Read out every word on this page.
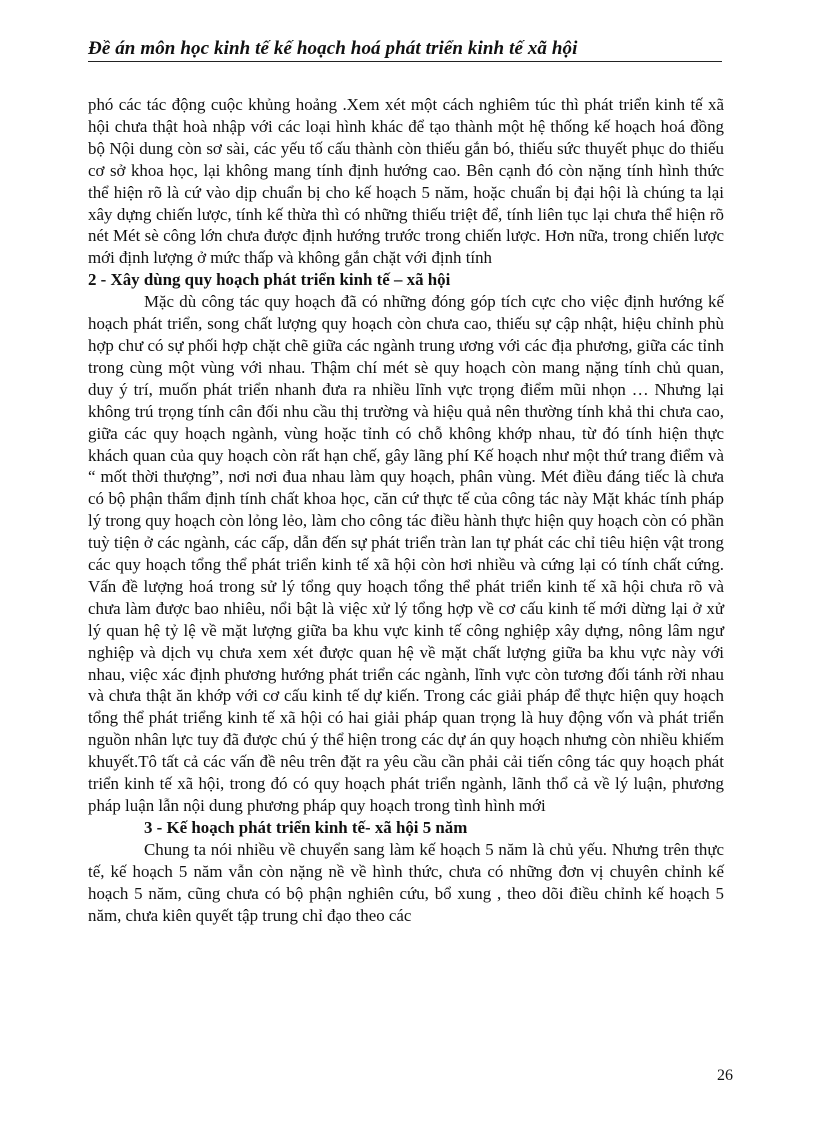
Đề án môn học kinh tế kế hoạch hoá phát triển kinh tế xã hội

phó các tác động cuộc khủng hoảng .Xem xét một cách nghiêm túc thì phát triển kinh tế xã hội chưa thật hoà nhập với các loại hình khác để tạo thành một hệ thống kế hoạch hoá đồng bộ Nội dung còn sơ sài, các yếu tố cấu thành còn thiếu gắn bó, thiếu sức thuyết phục do thiếu cơ sở khoa học, lại không mang tính định hướng cao. Bên cạnh đó còn nặng tính hình thức thể hiện rõ là cứ vào dịp chuẩn bị cho kế hoạch 5 năm, hoặc chuẩn bị đại hội là chúng ta lại xây dựng chiến lược, tính kế thừa thì có những thiếu triệt để, tính liên tục lại chưa thể hiện rõ nét Mét sè công lớn chưa được định hướng trước trong chiến lược. Hơn nữa, trong chiến lược mới định lượng ở mức thấp và không gắn chặt với định tính

2 - Xây dùng quy hoạch phát triển kinh tế – xã hội

Mặc dù công tác quy hoạch đã có những đóng góp tích cực cho việc định hướng kế hoạch phát triển, song chất lượng quy hoạch còn chưa cao, thiếu sự cập nhật, hiệu chỉnh phù hợp chư có sự phối hợp chặt chẽ giữa các ngành trung ương với các địa phương, giữa các tỉnh trong cùng một vùng với nhau. Thậm chí mét sè quy hoạch còn mang nặng tính chủ quan, duy ý trí, muốn phát triển nhanh đưa ra nhiều lĩnh vực trọng điểm mũi nhọn … Nhưng lại không trú trọng tính cân đối nhu cầu thị trường và hiệu quả nên thường tính khả thi chưa cao, giữa các quy hoạch ngành, vùng hoặc tỉnh có chỗ không khớp nhau, từ đó tính hiện thực khách quan của quy hoạch còn rất hạn chế, gây lãng phí Kế hoạch như một thứ trang điểm và “ mốt thời thượng”, nơi nơi đua nhau làm quy hoạch, phân vùng. Mét điều đáng tiếc là chưa có bộ phận thẩm định tính chất khoa học, căn cứ thực tế của công tác này Mặt khác tính pháp lý trong quy hoạch còn lỏng lẻo, làm cho công tác điều hành thực hiện quy hoạch còn có phần tuỳ tiện ở các ngành, các cấp, dẫn đến sự phát triển tràn lan tự phát các chỉ tiêu hiện vật trong các quy hoạch tổng thể phát triển kinh tế xã hội còn hơi nhiều và cứng lại có tính chất cứng. Vấn đề lượng hoá trong sử lý tổng quy hoạch tổng thể phát triển kinh tế xã hội chưa rõ và chưa làm được bao nhiêu, nổi bật là việc xử lý tổng hợp về cơ cấu kinh tế mới dừng lại ở xử lý quan hệ tỷ lệ về mặt lượng giữa ba khu vực kinh tế công nghiệp xây dựng, nông lâm ngư nghiệp và dịch vụ chưa xem xét được quan hệ về mặt chất lượng giữa ba khu vực này với nhau, việc xác định phương hướng phát triển các ngành, lĩnh vực còn tương đối tánh rời nhau và chưa thật ăn khớp với cơ cấu kinh tế dự kiến. Trong các giải pháp để thực hiện quy hoạch tổng thể phát triểng kinh tế xã hội có hai giải pháp quan trọng là huy động vốn và phát triển nguồn nhân lực tuy đã được chú ý thể hiện trong các dự án quy hoạch nhưng còn nhiều khiếm khuyết.Tô tất cả các vấn đề nêu trên đặt ra yêu cầu cần phải cải tiến công tác quy hoạch phát triển kinh tế xã hội, trong đó có quy hoạch phát triển ngành, lãnh thổ cả về lý luận, phương pháp luận lẫn nội dung phương pháp quy hoạch trong tình hình mới

3 - Kế hoạch phát triển kinh tế- xã hội 5 năm

Chung ta nói nhiều về chuyển sang làm kế hoạch 5 năm là chủ yếu. Nhưng trên thực tế, kế hoạch 5 năm vẫn còn nặng nề về hình thức, chưa có những đơn vị chuyên chỉnh kế hoạch 5 năm, cũng chưa có bộ phận nghiên cứu, bổ xung , theo dõi điều chỉnh kế hoạch 5 năm, chưa kiên quyết tập trung chỉ đạo theo các

26
